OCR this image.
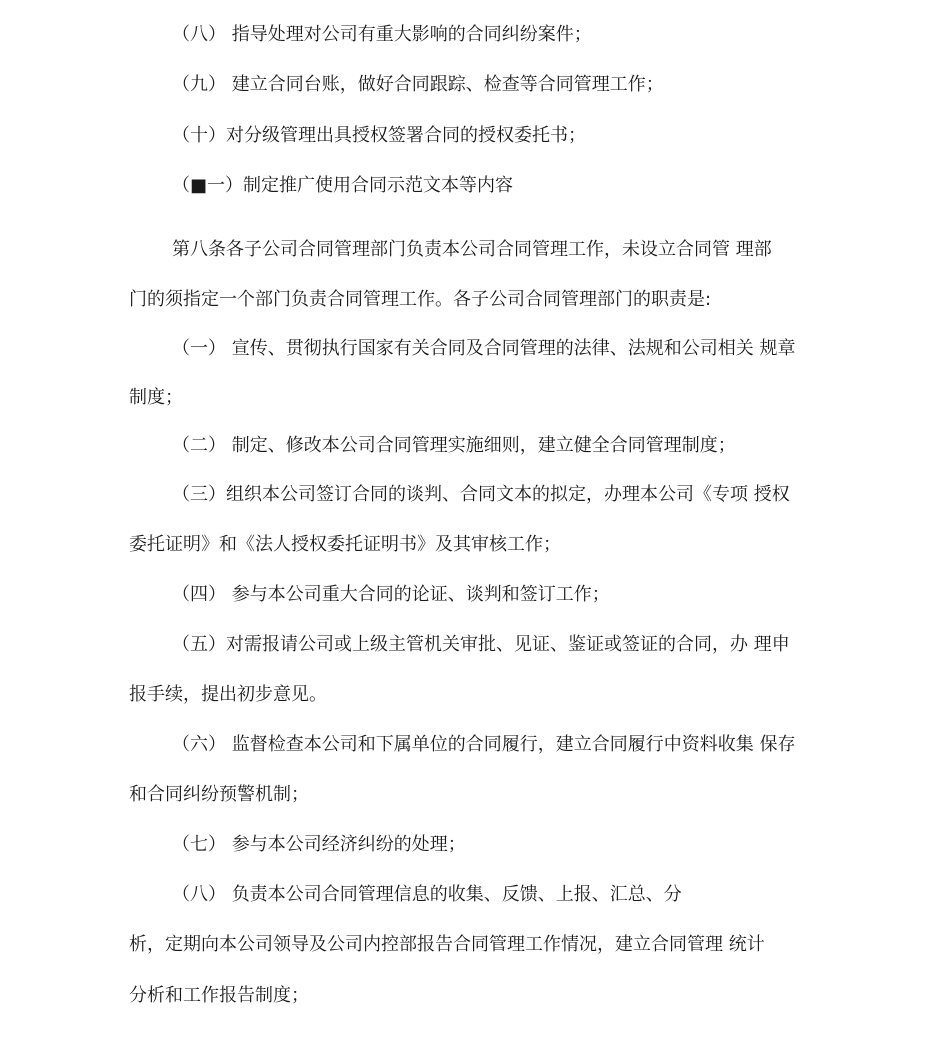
（八） 指导处理对公司有重大影响的合同纠纷案件；
（九） 建立合同台账，做好合同跟踪、检查等合同管理工作；
（十）对分级管理出具授权签署合同的授权委托书；
（■一）制定推广使用合同示范文本等内容
第八条各子公司合同管理部门负责本公司合同管理工作，未设立合同管 理部
门的须指定一个部门负责合同管理工作。各子公司合同管理部门的职责是:
（一） 宣传、贯彻执行国家有关合同及合同管理的法律、法规和公司相关 规章
制度；
（二） 制定、修改本公司合同管理实施细则，建立健全合同管理制度；
（三）组织本公司签订合同的谈判、合同文本的拟定，办理本公司《专项 授权
委托证明》和《法人授权委托证明书》及其审核工作；
（四） 参与本公司重大合同的论证、谈判和签订工作；
（五）对需报请公司或上级主管机关审批、见证、鉴证或签证的合同，办 理申
报手续，提出初步意见。
（六） 监督检查本公司和下属单位的合同履行，建立合同履行中资料收集 保存
和合同纠纷预警机制；
（七） 参与本公司经济纠纷的处理；
（八） 负责本公司合同管理信息的收集、反馈、上报、汇总、分
析，定期向本公司领导及公司内控部报告合同管理工作情况，建立合同管理 统计
分析和工作报告制度；
